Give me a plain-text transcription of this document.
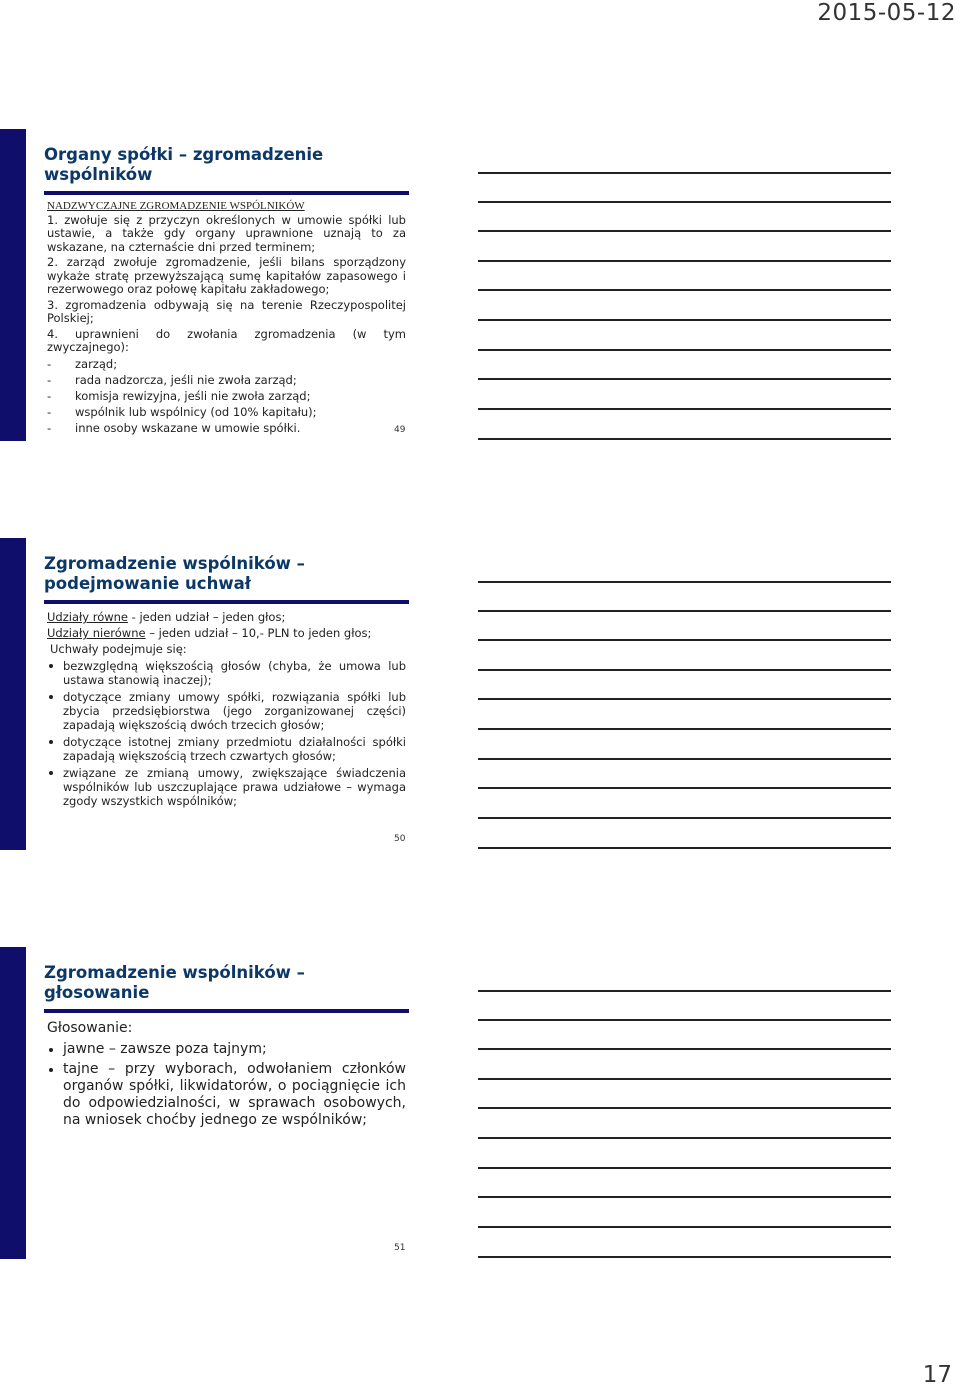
2015-05-12
Organy spółki – zgromadzenie wspólników

NADZWYCZAJNE ZGROMADZENIE WSPÓLNIKÓW

1. zwołuje się z przyczyn określonych w umowie spółki lub ustawie, a także gdy organy uprawnione uznają to za wskazane, na czternaście dni przed terminem;

2. zarząd zwołuje zgromadzenie, jeśli bilans sporządzony wykaże stratę przewyższającą sumę kapitałów zapasowego i rezerwowego oraz połowę kapitału zakładowego;

3. zgromadzenia odbywają się na terenie Rzeczypospolitej Polskiej;

4. uprawnieni do zwołania zgromadzenia (w tym zwyczajnego):

-	zarząd;
-	rada nadzorcza, jeśli nie zwoła zarząd;
-	komisja rewizyjna, jeśli nie zwoła zarząd;
-	wspólnik lub wspólnicy (od 10% kapitału);
-	inne osoby wskazane w umowie spółki.	49
Zgromadzenie wspólników – podejmowanie uchwał

Udziały równe - jeden udział – jeden głos;

Udziały nierówne – jeden udział – 10,- PLN to jeden głos;

Uchwały podejmuje się:

bezwzględną większością głosów (chyba, że umowa lub ustawa stanowią inaczej);
dotyczące zmiany umowy spółki, rozwiązania spółki lub zbycia przedsiębiorstwa (jego zorganizowanej części) zapadają większością dwóch trzecich głosów;
dotyczące istotnej zmiany przedmiotu działalności spółki zapadają większością trzech czwartych głosów;
związane ze zmianą umowy, zwiększające świadczenia wspólników lub uszczuplające prawa udziałowe – wymaga zgody wszystkich wspólników;
50
Zgromadzenie wspólników – głosowanie

Głosowanie:

jawne – zawsze poza tajnym;
tajne – przy wyborach, odwołaniem członków organów spółki, likwidatorów, o pociągnięcie ich do odpowiedzialności, w sprawach osobowych, na wniosek choćby jednego ze wspólników;
51
17
